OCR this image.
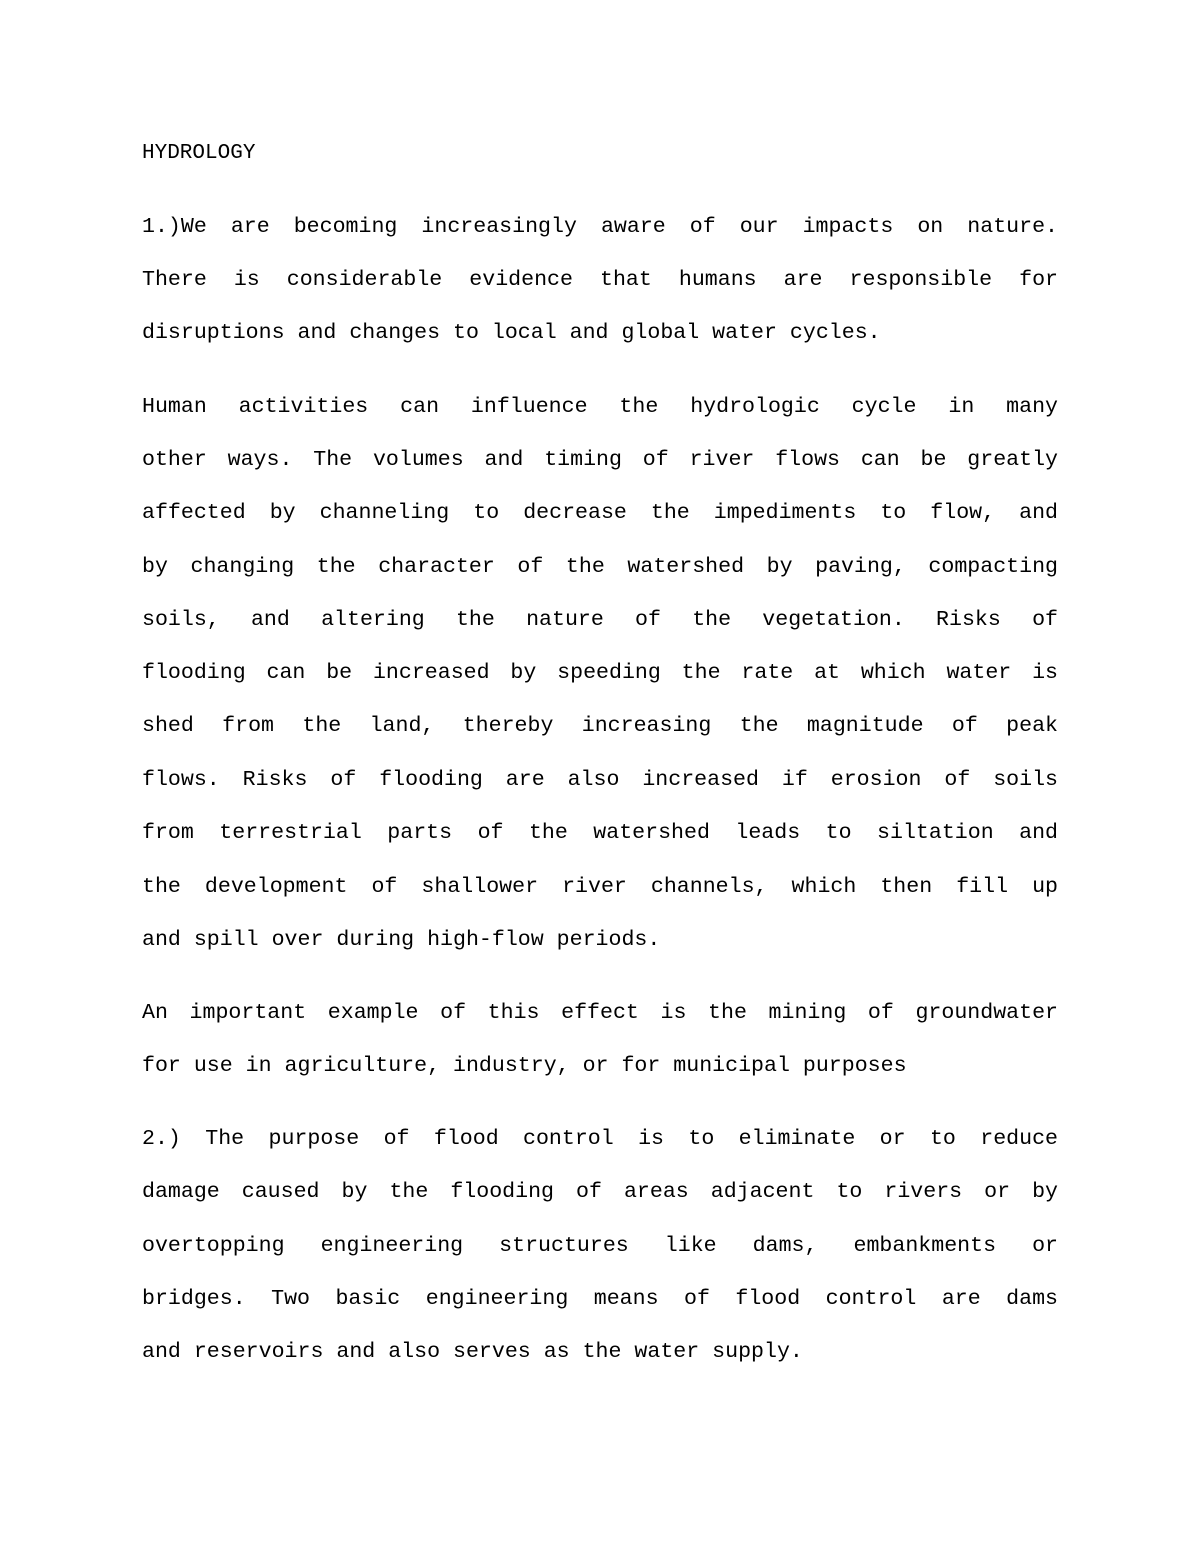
HYDROLOGY
1.)We are becoming increasingly aware of our impacts on nature.
There is considerable evidence that humans are responsible for
disruptions and changes to local and global water cycles.
Human activities can influence the hydrologic cycle in many
other ways. The volumes and timing of river flows can be greatly
affected by channeling to decrease the impediments to flow, and
by changing the character of the watershed by paving, compacting
soils, and altering the nature of the vegetation. Risks of
flooding can be increased by speeding the rate at which water is
shed from the land, thereby increasing the magnitude of peak
flows. Risks of flooding are also increased if erosion of soils
from terrestrial parts of the watershed leads to siltation and
the development of shallower river channels, which then fill up
and spill over during high-flow periods.
An important example of this effect is the mining of groundwater
for use in agriculture, industry, or for municipal purposes
2.) The purpose of flood control is to eliminate or to reduce
damage caused by the flooding of areas adjacent to rivers or by
overtopping engineering structures like dams, embankments or
bridges. Two basic engineering means of flood control are dams
and reservoirs and also serves as the water supply.
